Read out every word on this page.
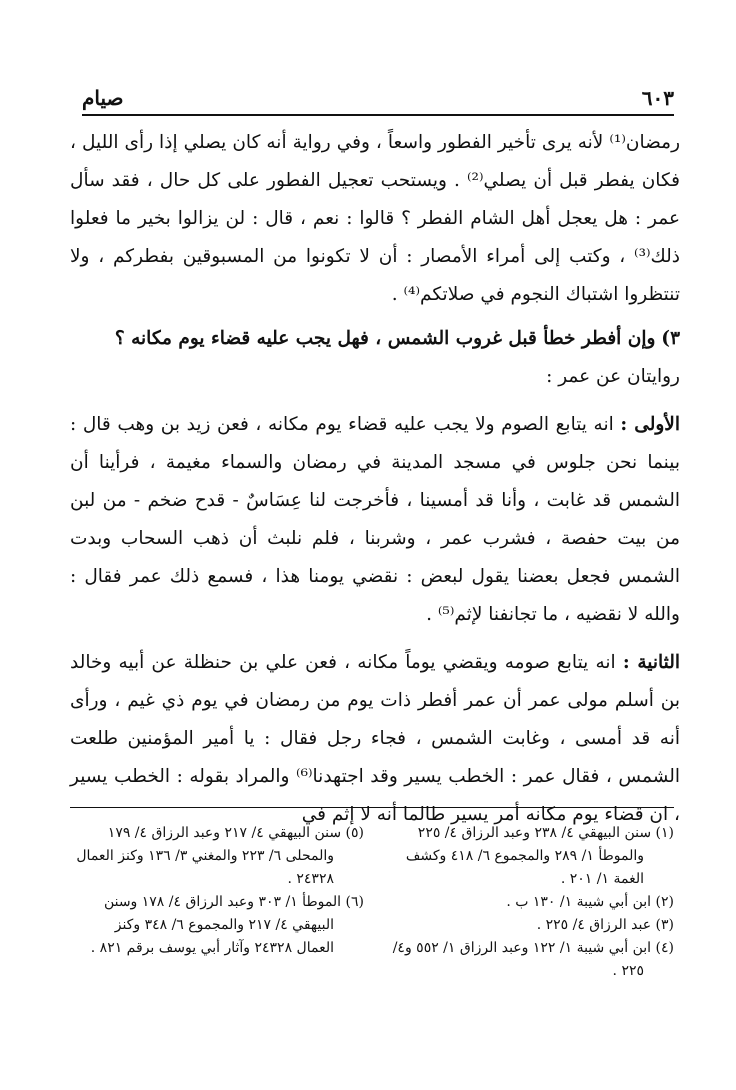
٦٠٣
صيام

رمضان⁽¹⁾ لأنه يرى تأخير الفطور واسعاً ، وفي رواية أنه كان يصلي إذا رأى الليل ، فكان يفطر قبل أن يصلي⁽²⁾ . ويستحب تعجيل الفطور على كل حال ، فقد سأل عمر : هل يعجل أهل الشام الفطر ؟ قالوا : نعم ، قال : لن يزالوا بخير ما فعلوا ذلك⁽³⁾ ، وكتب إلى أمراء الأمصار : أن لا تكونوا من المسبوقين بفطركم ، ولا تنتظروا اشتباك النجوم في صلاتكم⁽⁴⁾ .

٣) وإن أفطر خطأ قبل غروب الشمس ، فهل يجب عليه قضاء يوم مكانه ؟

روايتان عن عمر :

الأولى : انه يتابع الصوم ولا يجب عليه قضاء يوم مكانه ، فعن زيد بن وهب قال : بينما نحن جلوس في مسجد المدينة في رمضان والسماء مغيمة ، فرأينا أن الشمس قد غابت ، وأنا قد أمسينا ، فأخرجت لنا عِسَاسٌ - قدح ضخم - من لبن من بيت حفصة ، فشرب عمر ، وشربنا ، فلم نلبث أن ذهب السحاب وبدت الشمس فجعل بعضنا يقول لبعض : نقضي يومنا هذا ، فسمع ذلك عمر فقال : والله لا نقضيه ، ما تجانفنا لإثم⁽⁵⁾ .

الثانية : انه يتابع صومه ويقضي يوماً مكانه ، فعن علي بن حنظلة عن أبيه وخالد بن أسلم مولى عمر أن عمر أفطر ذات يوم من رمضان في يوم ذي غيم ، ورأى أنه قد أمسى ، وغابت الشمس ، فجاء رجل فقال : يا أمير المؤمنين طلعت الشمس ، فقال عمر : الخطب يسير وقد اجتهدنا⁽⁶⁾ والمراد بقوله : الخطب يسير ، ان قضاء يوم مكانه أمر يسير طالما أنه لا إثم في

(١) سنن البيهقي ٤/ ٢٣٨ وعبد الرزاق ٤/ ٢٢٥ والموطأ ١/ ٢٨٩ والمجموع ٦/ ٤١٨ وكشف الغمة ١/ ٢٠١ .

(٢) ابن أبي شيبة ١/ ١٣٠ ب .

(٣) عبد الرزاق ٤/ ٢٢٥ .

(٤) ابن أبي شيبة ١/ ١٢٢ وعبد الرزاق ١/ ٥٥٢ و٤/ ٢٢٥ .

(٥) سنن البيهقي ٤/ ٢١٧ وعبد الرزاق ٤/ ١٧٩ والمحلى ٦/ ٢٢٣ والمغني ٣/ ١٣٦ وكنز العمال ٢٤٣٢٨ .

(٦) الموطأ ١/ ٣٠٣ وعبد الرزاق ٤/ ١٧٨ وسنن البيهقي ٤/ ٢١٧ والمجموع ٦/ ٣٤٨ وكنز العمال ٢٤٣٢٨ وآثار أبي يوسف برقم ٨٢١ .
